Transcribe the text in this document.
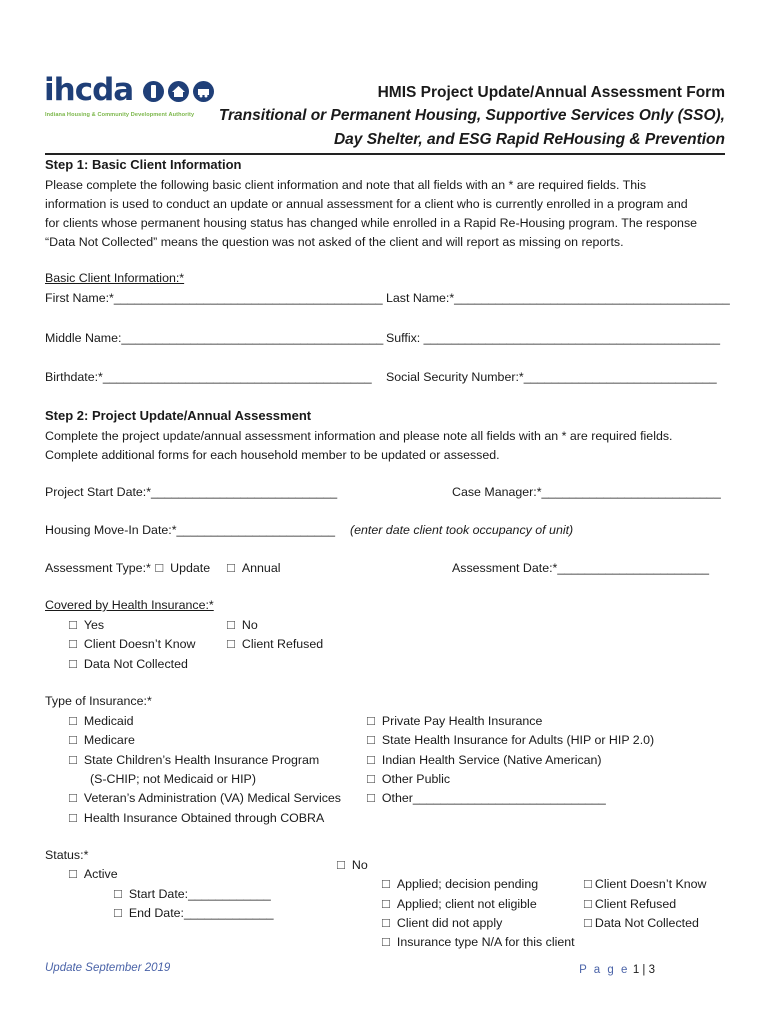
ihcda
Indiana Housing & Community Development Authority
HMIS Project Update/Annual Assessment Form
Transitional or Permanent Housing, Supportive Services Only (SSO),
Day Shelter, and ESG Rapid ReHousing & Prevention
Step 1: Basic Client Information
Please complete the following basic client information and note that all fields with an * are required fields. This
information is used to conduct an update or annual assessment for a client who is currently enrolled in a program and
for clients whose permanent housing status has changed while enrolled in a Rapid Re-Housing program. The response
“Data Not Collected” means the question was not asked of the client and will report as missing on reports.
Basic Client Information:*
First Name:*_______________________________________ Last Name:*________________________________________
Middle Name:______________________________________ Suffix: ___________________________________________
Birthdate:*_______________________________________ Social Security Number:*____________________________
Step 2: Project Update/Annual Assessment
Complete the project update/annual assessment information and please note all fields with an * are required fields.
Complete additional forms for each household member to be updated or assessed.
Project Start Date:*___________________________	Case Manager:*__________________________
Housing Move-In Date:*_______________________ (enter date client took occupancy of unit)
Assessment Type:* ☐ Update ☐ Annual	Assessment Date:*______________________
Covered by Health Insurance:*
☐ Yes	☐ No
☐ Client Doesn’t Know	☐ Client Refused
☐ Data Not Collected
Type of Insurance:*
☐ Medicaid
☐ Medicare
☐ State Children’s Health Insurance Program
(S-CHIP; not Medicaid or HIP)
☐ Veteran’s Administration (VA) Medical Services
☐ Health Insurance Obtained through COBRA
☐ Private Pay Health Insurance
☐ State Health Insurance for Adults (HIP or HIP 2.0)
☐ Indian Health Service (Native American)
☐ Other Public
☐ Other____________________________
Status:*
☐ Active
☐ Start Date:____________
☐ End Date:_____________
☐ No
☐ Applied; decision pending
☐ Applied; client not eligible
☐ Client did not apply
☐ Insurance type N/A for this client
☐ Client Doesn’t Know
☐ Client Refused
☐ Data Not Collected
Update September 2019	P a g e 1 | 3
